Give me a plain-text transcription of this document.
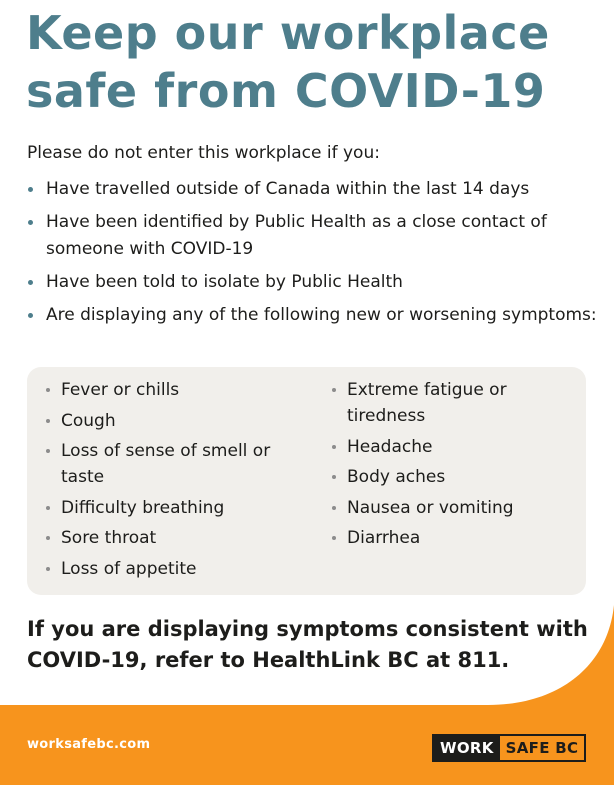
Keep our workplace
safe from COVID-19
Please do not enter this workplace if you:
Have travelled outside of Canada within the last 14 days
Have been identified by Public Health as a close contact of someone with COVID-19
Have been told to isolate by Public Health
Are displaying any of the following new or worsening symptoms:
Fever or chills
Cough
Loss of sense of smell or taste
Difficulty breathing
Sore throat
Loss of appetite
Extreme fatigue or tiredness
Headache
Body aches
Nausea or vomiting
Diarrhea

If you are displaying symptoms consistent with
COVID-19, refer to HealthLink BC at 811.

worksafebc.com	WORK SAFE BC
